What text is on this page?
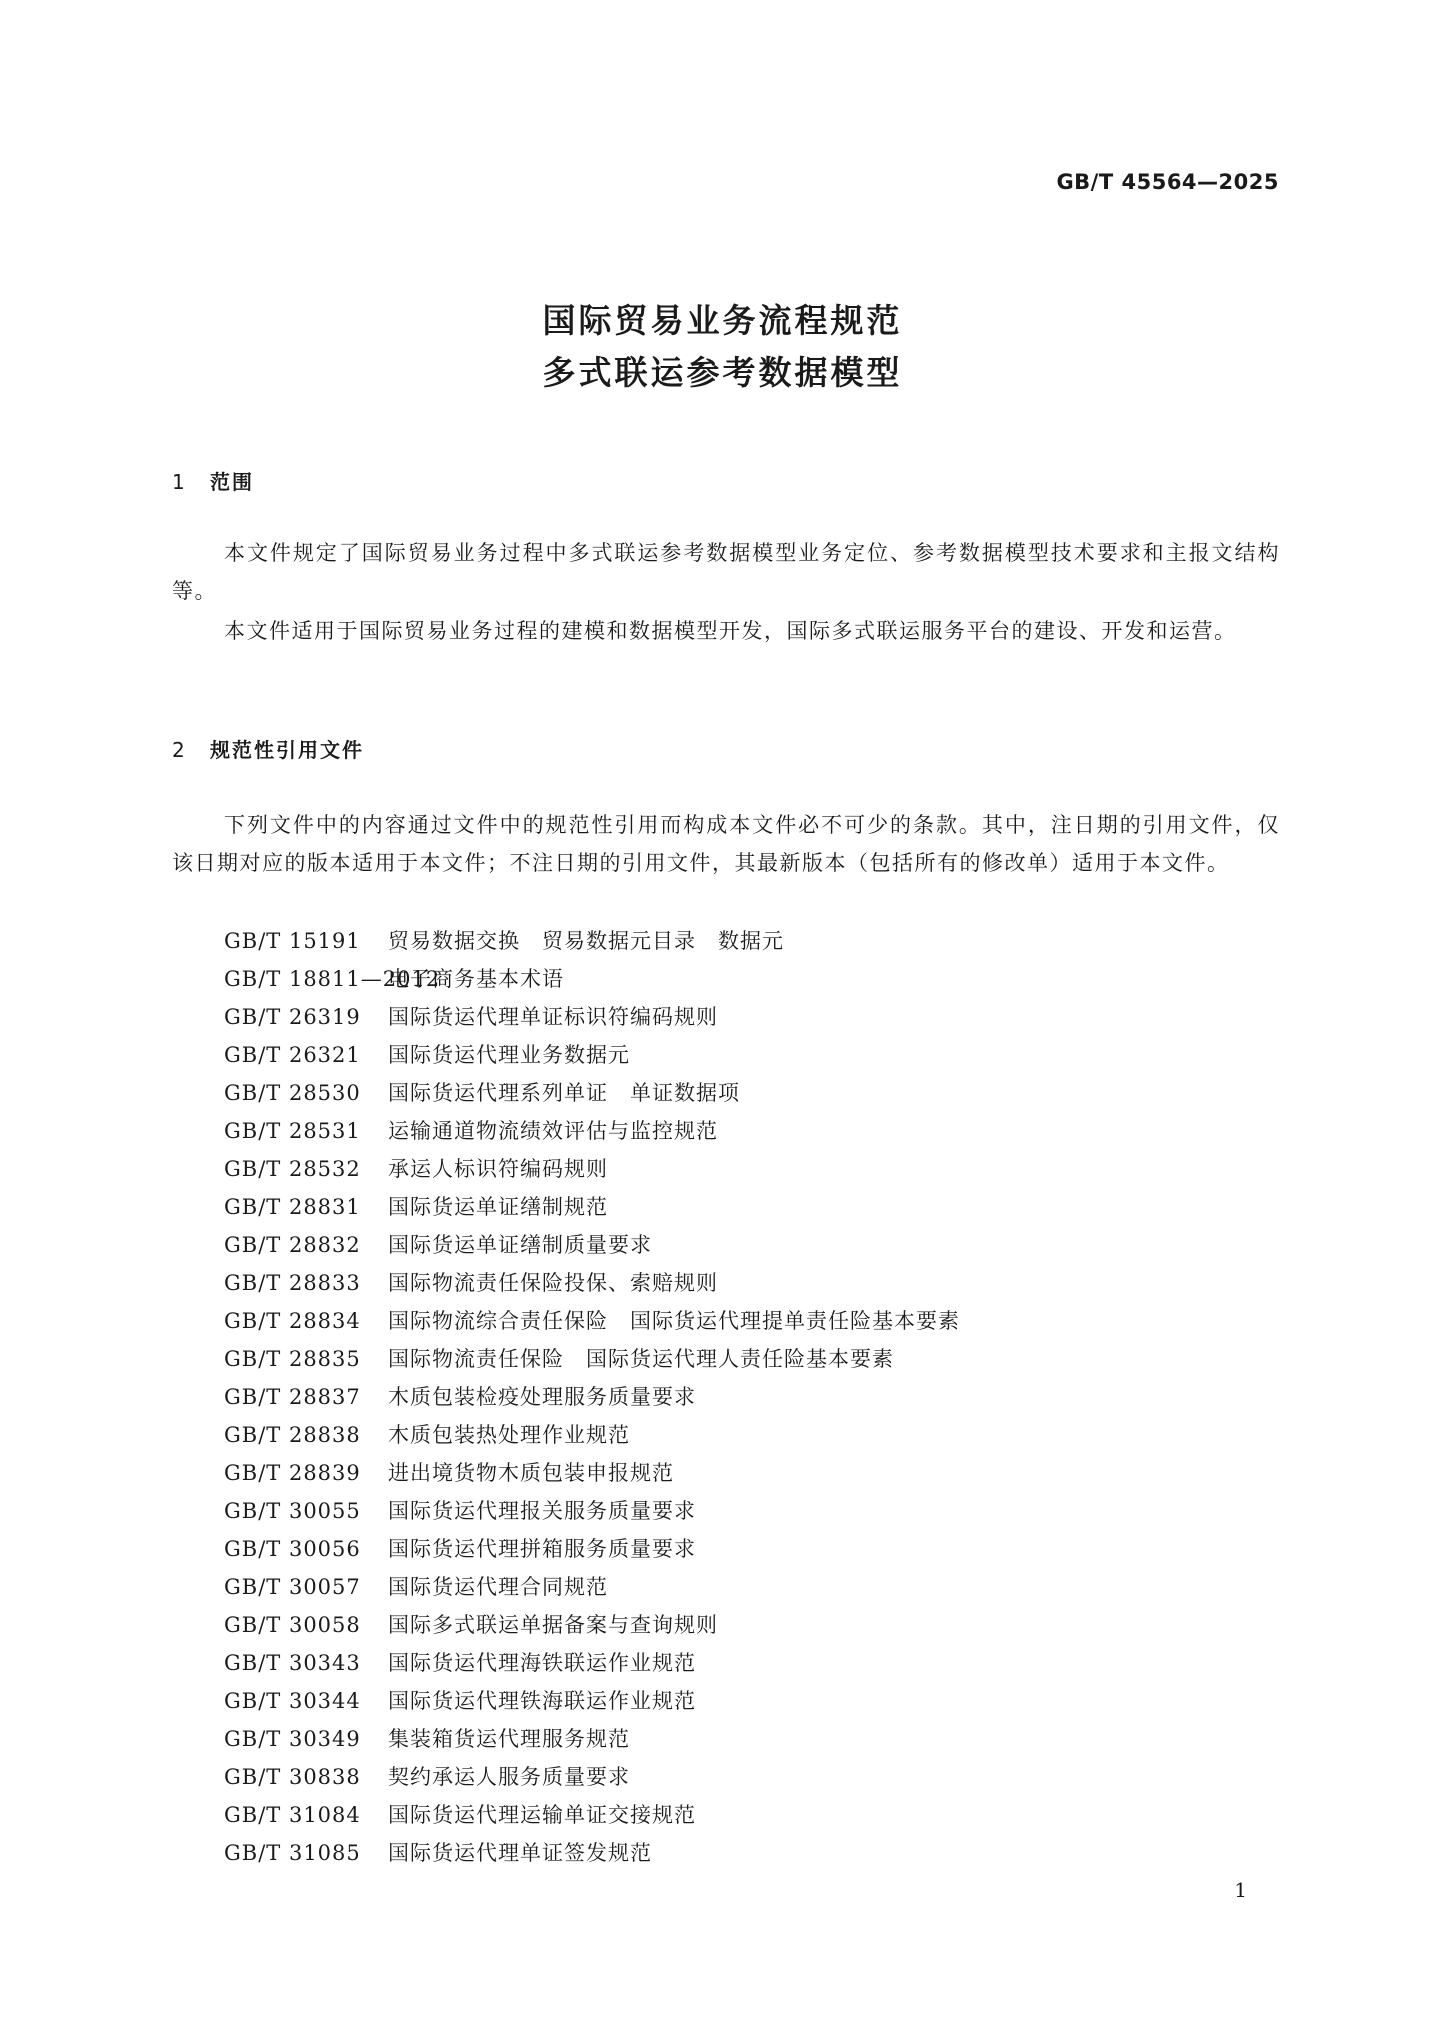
GB/T 45564—2025
国际贸易业务流程规范
多式联运参考数据模型
1 范围
本文件规定了国际贸易业务过程中多式联运参考数据模型业务定位、参考数据模型技术要求和主报文结构等。
本文件适用于国际贸易业务过程的建模和数据模型开发，国际多式联运服务平台的建设、开发和运营。
2 规范性引用文件
下列文件中的内容通过文件中的规范性引用而构成本文件必不可少的条款。其中，注日期的引用文件，仅该日期对应的版本适用于本文件；不注日期的引用文件，其最新版本（包括所有的修改单）适用于本文件。
GB/T 15191 贸易数据交换　贸易数据元目录　数据元
GB/T 18811—2012电子商务基本术语
GB/T 26319 国际货运代理单证标识符编码规则
GB/T 26321 国际货运代理业务数据元
GB/T 28530 国际货运代理系列单证　单证数据项
GB/T 28531 运输通道物流绩效评估与监控规范
GB/T 28532 承运人标识符编码规则
GB/T 28831 国际货运单证缮制规范
GB/T 28832 国际货运单证缮制质量要求
GB/T 28833 国际物流责任保险投保、索赔规则
GB/T 28834 国际物流综合责任保险　国际货运代理提单责任险基本要素
GB/T 28835 国际物流责任保险　国际货运代理人责任险基本要素
GB/T 28837 木质包装检疫处理服务质量要求
GB/T 28838 木质包装热处理作业规范
GB/T 28839 进出境货物木质包装申报规范
GB/T 30055 国际货运代理报关服务质量要求
GB/T 30056 国际货运代理拼箱服务质量要求
GB/T 30057 国际货运代理合同规范
GB/T 30058 国际多式联运单据备案与查询规则
GB/T 30343 国际货运代理海铁联运作业规范
GB/T 30344 国际货运代理铁海联运作业规范
GB/T 30349 集装箱货运代理服务规范
GB/T 30838 契约承运人服务质量要求
GB/T 31084 国际货运代理运输单证交接规范
GB/T 31085 国际货运代理单证签发规范
1
